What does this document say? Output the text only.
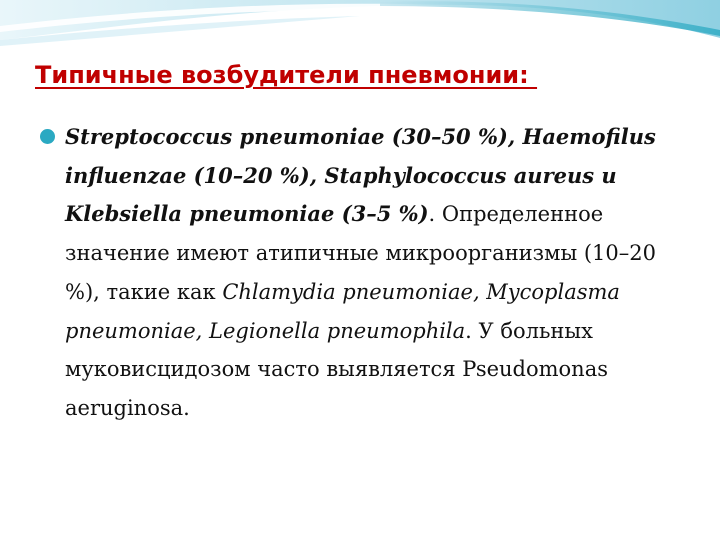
Типичные возбудители пневмонии:
Streptococcus pneumoniae (30–50 %), Haemofilus influenzae (10–20 %), Staphylococcus aureus и Klebsiella pneumoniae (3–5 %). Определенное значение имеют атипичные микроорганизмы (10–20 %), такие как Chlamydia pneumoniae, Mycoplasma pneumoniae, Legionella pneumophila. У больных муковисцидозом часто выявляется Pseudomonas aeruginosa.
